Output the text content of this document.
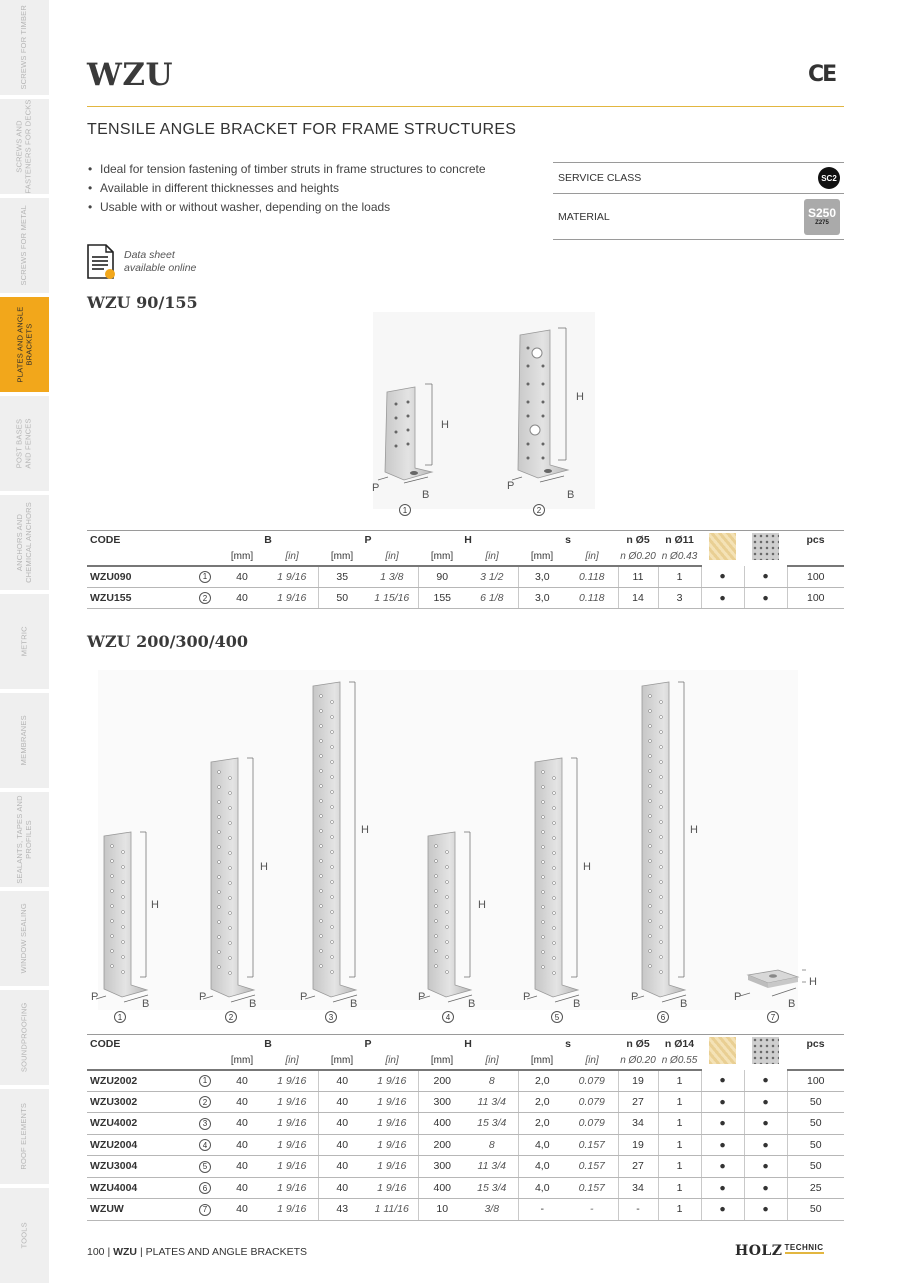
SCREWS FOR TIMBER
SCREWS AND
FASTENERS FOR DECKS
SCREWS FOR METAL
PLATES AND ANGLE
BRACKETS
POST BASES
AND FENCES
ANCHORS AND
CHEMICAL ANCHORS
METRIC
MEMBRANES
SEALANTS, TAPES AND
PROFILES
WINDOW SEALING
SOUNDPROOFING
ROOF ELEMENTS
TOOLS
WZU	CE
TENSILE ANGLE BRACKET FOR FRAME STRUCTURES
• Ideal for tension fastening of timber struts in frame structures to concrete
• Available in different thicknesses and heights
• Usable with or without washer, depending on the loads
SERVICE CLASS	SC2
MATERIAL	S250
Z275
Data sheet
available online
WZU 90/155
H
P
B
H
P
B
1	2
CODE		B		P		H		s		n Ø5	n Ø11			pcs
		[mm]	[in]	[mm]	[in]	[mm]	[in]	[mm]	[in]	n Ø0.20	n Ø0.43			
WZU090	1	40	1 9/16	35	1 3/8	90	3 1/2	3,0	0.118	11	1	●	●	100
WZU155	2	40	1 9/16	50	1 15/16	155	6 1/8	3,0	0.118	14	3	●	●	100
WZU 200/300/400
H
H
H
H
H
H
H
P
B
P
B
P
B
P
B
P
B
P
B
P
B
1	2	3	4	5	6	7
CODE		B		P		H		s		n Ø5	n Ø14			pcs
		[mm]	[in]	[mm]	[in]	[mm]	[in]	[mm]	[in]	n Ø0.20	n Ø0.55			
WZU2002	1	40	1 9/16	40	1 9/16	200	8	2,0	0.079	19	1	●	●	100
WZU3002	2	40	1 9/16	40	1 9/16	300	11 3/4	2,0	0.079	27	1	●	●	50
WZU4002	3	40	1 9/16	40	1 9/16	400	15 3/4	2,0	0.079	34	1	●	●	50
WZU2004	4	40	1 9/16	40	1 9/16	200	8	4,0	0.157	19	1	●	●	50
WZU3004	5	40	1 9/16	40	1 9/16	300	11 3/4	4,0	0.157	27	1	●	●	50
WZU4004	6	40	1 9/16	40	1 9/16	400	15 3/4	4,0	0.157	34	1	●	●	25
WZUW	7	40	1 9/16	43	1 11/16	10	3/8	-	-	-	1	●	●	50
100 | WZU | PLATES AND ANGLE BRACKETS	HOLZ $^{TECHNIC}$
